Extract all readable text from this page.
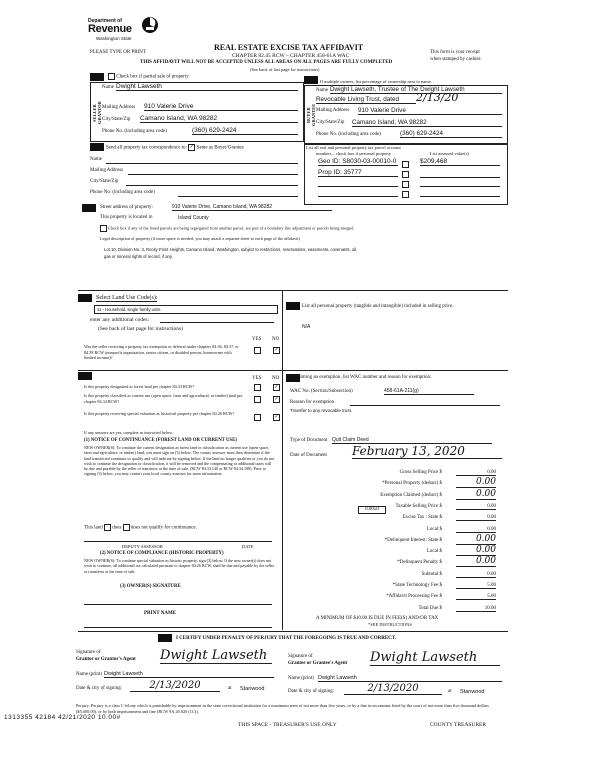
Department of
Revenue
Washington State
PLEASE TYPE OR PRINT
REAL ESTATE EXCISE TAX AFFIDAVIT
CHAPTER 82.45 RCW – CHAPTER 458-61A WAC
THIS AFFIDAVIT WILL NOT BE ACCEPTED UNLESS ALL AREAS ON ALL PAGES ARE FULLY COMPLETED
(See back of last page for instructions)
This form is your receipt
when stamped by cashier.
Check box if partial sale of property
If multiple owners, list percentage of ownership next to name.
SELLER GRANTOR
Name Dwight Lawseth
Mailing Address 910 Valerie Drive
City/State/Zip Camano Island, WA 98282
Phone No. (including area code)	(360) 629-2424
BUYER GRANTEE
Name Dwight Lawseth, Trustee of The Dwight Lawseth
Revocable Living Trust, dated	2/13/20
Mailing Address 910 Valerie Drive
City/State/Zip Camano Island, WA 98282
Phone No. (including area code)	(360) 629-2424
Send all property tax correspondence to: ✓ Same as Buyer/Grantee
Name
Mailing Address
City/State/Zip
Phone No. (including area code)
List all real and personal property tax parcel account
numbers – check box if personal property	List assessed value(s)
Geo ID: S8030-03-00010-0	$209,468
Prop ID: 35777
Street address of property:	910 Valerie Drive, Camano Island, WA 98282
This property is located in	Island County
Check box if any of the listed parcels are being segregated from another parcel, are part of a boundary line adjustment or parcels being merged.
Legal description of property (if more space is needed, you may attach a separate sheet to each page of the affidavit)
Lot 10, Division No. 3, Rocky Point Heights, Camano Island, Washington, subject to restrictions, reservations, easements, covenants, oil,
gas or mineral rights of record, if any.
Select Land Use Code(s):
11 - Household, single family units
enter any additional codes:
(See back of last page for instructions)
YES NO
Was the seller receiving a property tax exemption or deferral under chapters 84.36, 84.37, or 84.38 RCW (nonprofit organization, senior citizen, or disabled person, homeowner with limited income)?
✓
YES NO
Is this property designated as forest land per chapter 84.33 RCW?
✓
Is this property classified as current use (open space, farm and agricultural, or timber) land per chapter 84.34 RCW?
✓
Is this property receiving special valuation as historical property per chapter 84.26 RCW?
✓
If any answers are yes, complete as instructed below.
(1) NOTICE OF CONTINUANCE (FOREST LAND OR CURRENT USE)
NEW OWNER(S): To continue the current designation as forest land or classification as current use (open space, farm and agriculture, or timber) land, you must sign on (3) below. The county assessor must then determine if the land transferred continues to qualify and will indicate by signing below. If the land no longer qualifies or you do not wish to continue the designation or classification, it will be removed and the compensating or additional taxes will be due and payable by the seller or transferor at the time of sale. (RCW 84.33.140 or RCW 84.34.108). Prior to signing (3) below, you may contact your local county assessor for more information.
This land does does not qualify for continuance.
DEPUTY ASSESSOR	DATE
(2) NOTICE OF COMPLIANCE (HISTORIC PROPERTY)
NEW OWNER(S): To continue special valuation as historic property, sign (3) below. If the new owner(s) does not wish to continue, all additional tax calculated pursuant to chapter 84.26 RCW, shall be due and payable by the seller or transferor at the time of sale.
(3) OWNER(S) SIGNATURE
PRINT NAME
List all personal property (tangible and intangible) included in selling price.
N/A
If claiming an exemption, list WAC number and reason for exemption:
WAC No. (Section/Subsection)	458-61A-211(g)
Reason for exemption
Transfer to any revocable trust.
Type of Document Quit Claim Deed
Date of Document February 13, 2020
Gross Selling Price $	0.00
*Personal Property (deduct) $	0.00
Exemption Claimed (deduct) $	0.00
Taxable Selling Price $	0.00
Excise Tax : State $	0.00
Local $	0.00
*Delinquent Interest: State $	0.00
Local $	0.00
*Delinquent Penalty $	0.00
Subtotal $	0.00
*State Technology Fee $	5.00
*Affidavit Processing Fee $	5.00
Total Due $	10.00
0.0050
A MINIMUM OF $10.00 IS DUE IN FEE(S) AND/OR TAX
*SEE INSTRUCTIONS
I CERTIFY UNDER PENALTY OF PERJURY THAT THE FOREGOING IS TRUE AND CORRECT.
Signature of
Grantor or Grantor's Agent Dwight Lawseth
Name (print) Dwight Lawseth
Date & city of signing:	2/13/2020	at Stanwood
Signature of
Grantee or Grantee's Agent Dwight Lawseth
Name (print) Dwight Lawseth
Date & city of signing:	2/13/2020	at Stanwood
Perjury: Perjury is a class C felony which is punishable by imprisonment in the state correctional institution for a maximum term of not more than five years, or by a fine in an amount fixed by the court of not more than five thousand dollars ($5,000.00), or by both imprisonment and fine (RCW 9A.20.020 (1C)).
1313355 42184 42/21/2020 10.00#
THIS SPACE - TREASURER'S USE ONLY	COUNTY TREASURER
